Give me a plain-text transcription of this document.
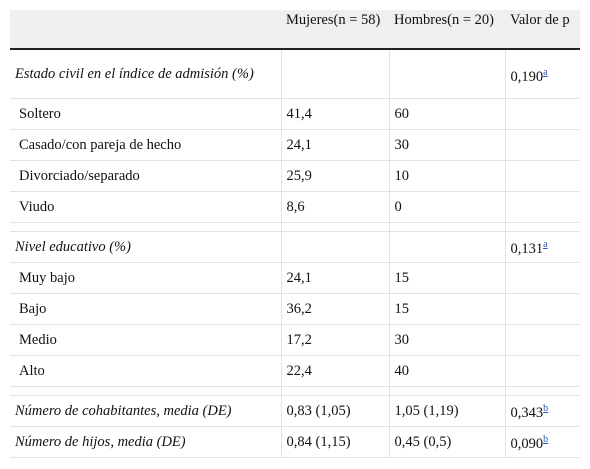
	Mujeres(n = 58)	Hombres(n = 20)	Valor de p
Estado civil en el índice de admisión (%)			0,190$^a$
Soltero	41,4	60	
Casado/con pareja de hecho	24,1	30	
Divorciado/separado	25,9	10	
Viudo	8,6	0	

Nivel educativo (%)			0,131$^a$
Muy bajo	24,1	15	
Bajo	36,2	15	
Medio	17,2	30	
Alto	22,4	40	

Número de cohabitantes, media (DE)	0,83 (1,05)	1,05 (1,19)	0,343$^b$
Número de hijos, media (DE)	0,84 (1,15)	0,45 (0,5)	0,090$^b$
